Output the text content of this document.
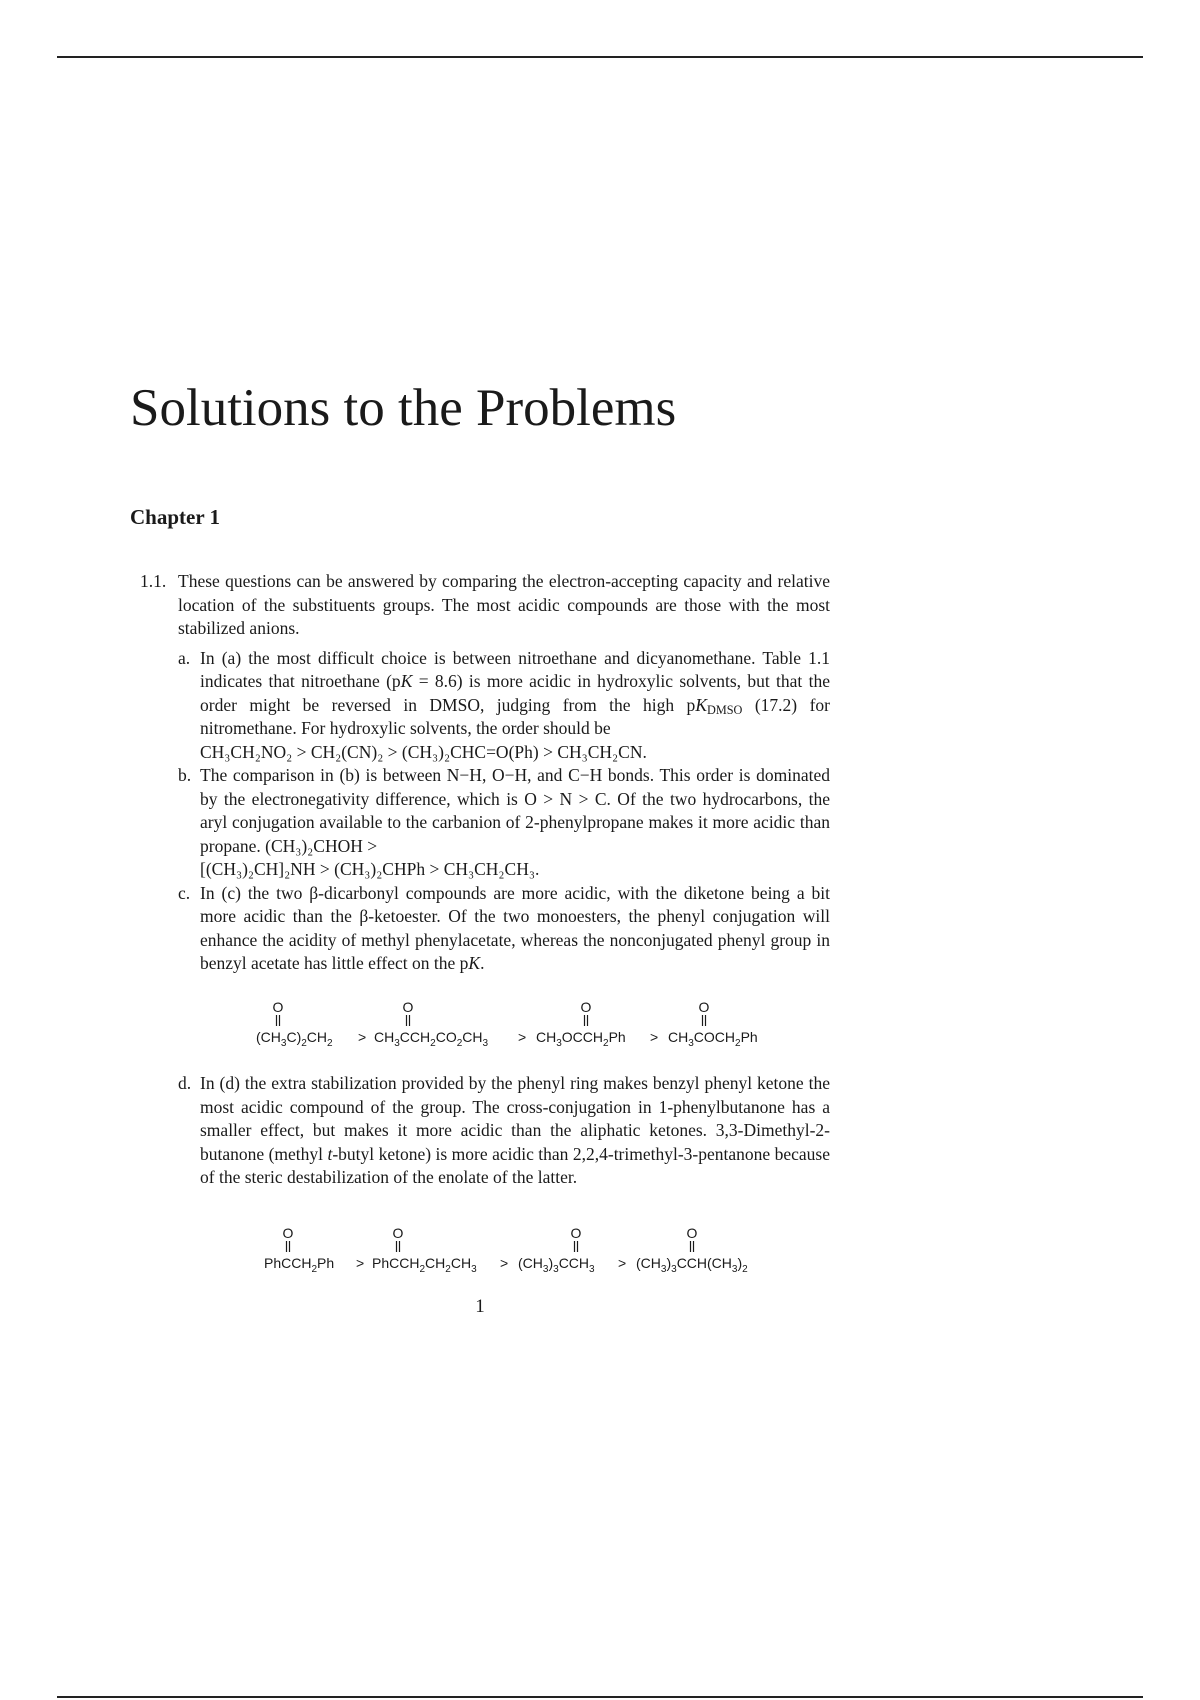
Solutions to the Problems
Chapter 1
1.1. These questions can be answered by comparing the electron-accepting capacity and relative location of the substituents groups. The most acidic compounds are those with the most stabilized anions.
a. In (a) the most difficult choice is between nitroethane and dicyanomethane. Table 1.1 indicates that nitroethane (pK = 8.6) is more acidic in hydroxylic solvents, but that the order might be reversed in DMSO, judging from the high $pK_{DMSO}$ (17.2) for nitromethane. For hydroxylic solvents, the order should be
CH₃CH₂NO₂ > CH₂(CN)₂ > (CH₃)₂CHC=O(Ph) > CH₃CH₂CN.
b. The comparison in (b) is between N−H, O−H, and C−H bonds. This order is dominated by the electronegativity difference, which is O > N > C. Of the two hydrocarbons, the aryl conjugation available to the carbanion of 2-phenylpropane makes it more acidic than propane. (CH₃)₂CHOH >
[(CH₃)₂CH]₂NH > (CH₃)₂CHPh > CH₃CH₂CH₃.
c. In (c) the two β-dicarbonyl compounds are more acidic, with the diketone being a bit more acidic than the β-ketoester. Of the two monoesters, the phenyl conjugation will enhance the acidity of methyl phenylacetate, whereas the nonconjugated phenyl group in benzyl acetate has little effect on the pK.
O
$(CH_3C)_2CH_2$ >
O
$CH_3CCH_2CO_2CH_3$ >
O
$CH_3OCCH_2Ph$ >
O
$CH_3COCH_2Ph$
d. In (d) the extra stabilization provided by the phenyl ring makes benzyl phenyl ketone the most acidic compound of the group. The cross-conjugation in 1-phenylbutanone has a smaller effect, but makes it more acidic than the aliphatic ketones. 3,3-Dimethyl-2-butanone (methyl t-butyl ketone) is more acidic than 2,2,4-trimethyl-3-pentanone because of the steric destabilization of the enolate of the latter.
O
PhCCH$_2$Ph >
O
$PhCCH_2CH_2CH_3$ >
O
$(CH_3)_3CCH_3$ >
O
$(CH_3)_3CCH(CH_3)_2$
1
